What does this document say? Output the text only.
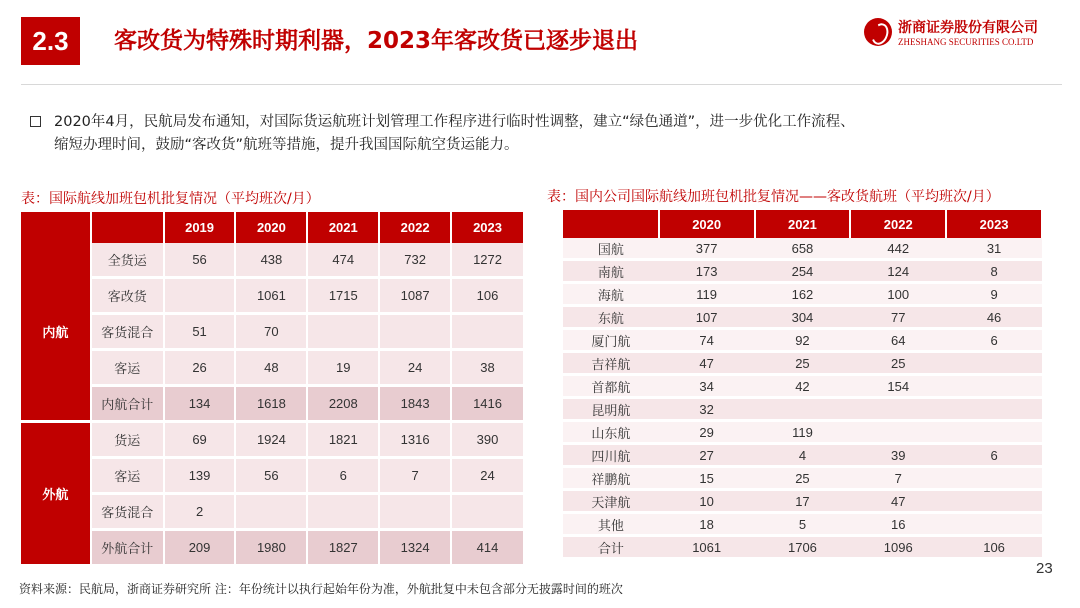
2.3	客改货为特殊时期利器，2023年客改货已逐步退出	浙商证券股份有限公司
ZHESHANG SECURITIES CO.LTD

2020年4月，民航局发布通知，对国际货运航班计划管理工作程序进行临时性调整，建立“绿色通道”，进一步优化工作流程、

缩短办理时间，鼓励“客改货”航班等措施，提升我国国际航空货运能力。

表：国际航线加班包机批复情况（平均班次/月）	表：国内公司国际航线加班包机批复情况——客改货航班（平均班次/月）
		2019	2020	2021	2022	2023
内航	全货运	56	438	474	732	1272
	客改货		1061	1715	1087	106
	客货混合	51	70			
	客运	26	48	19	24	38
	内航合计	134	1618	2208	1843	1416
外航	货运	69	1924	1821	1316	390
	客运	139	56	6	7	24
	客货混合	2				
	外航合计	209	1980	1827	1324	414
	2020	2021	2022	2023
国航	377	658	442	31
南航	173	254	124	8
海航	119	162	100	9
东航	107	304	77	46
厦门航	74	92	64	6
吉祥航	47	25	25	
首都航	34	42	154	
昆明航	32			
山东航	29	119		
四川航	27	4	39	6
祥鹏航	15	25	7	
天津航	10	17	47	
其他	18	5	16	
合计	1061	1706	1096	106
资料来源：民航局，浙商证券研究所 注：年份统计以执行起始年份为准，外航批复中未包含部分无披露时间的班次
23
